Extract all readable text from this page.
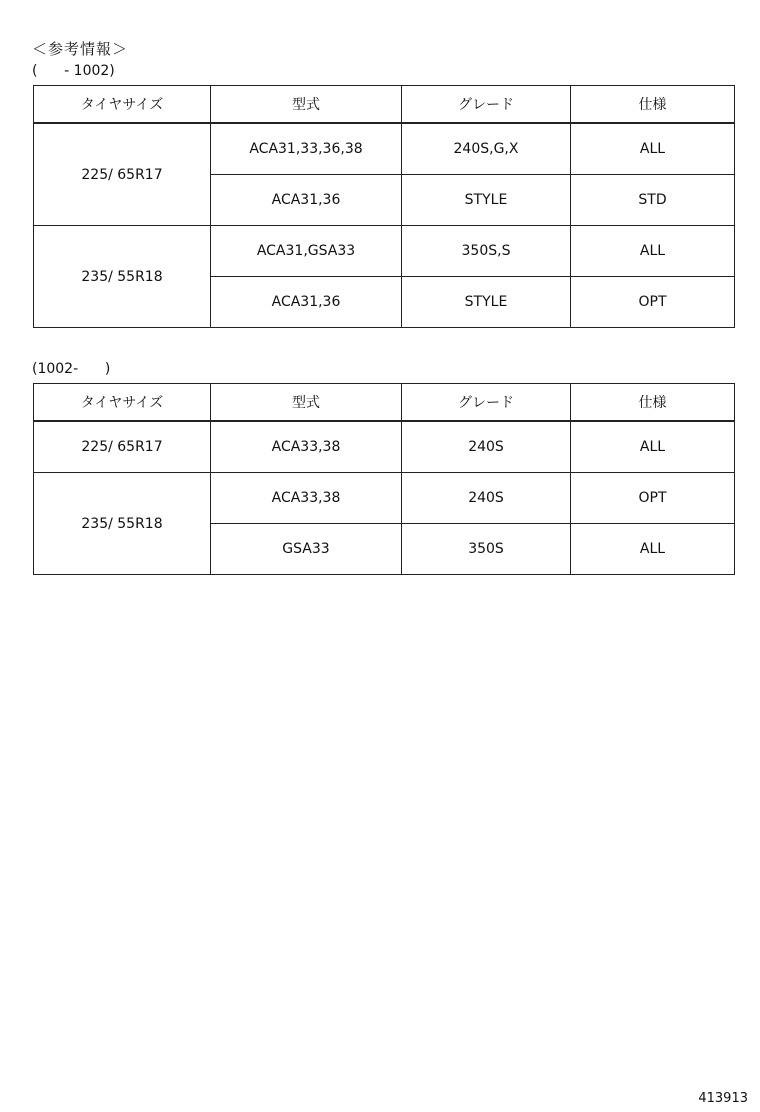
＜参考情報＞
(      - 1002)
タイヤサイズ	型式	グレード	仕様
225/ 65R17	ACA31,33,36,38	240S,G,X	ALL
	ACA31,36	STYLE	STD
235/ 55R18	ACA31,GSA33	350S,S	ALL
	ACA31,36	STYLE	OPT
(1002-      )
タイヤサイズ	型式	グレード	仕様
225/ 65R17	ACA33,38	240S	ALL
235/ 55R18	ACA33,38	240S	OPT
	GSA33	350S	ALL
413913
